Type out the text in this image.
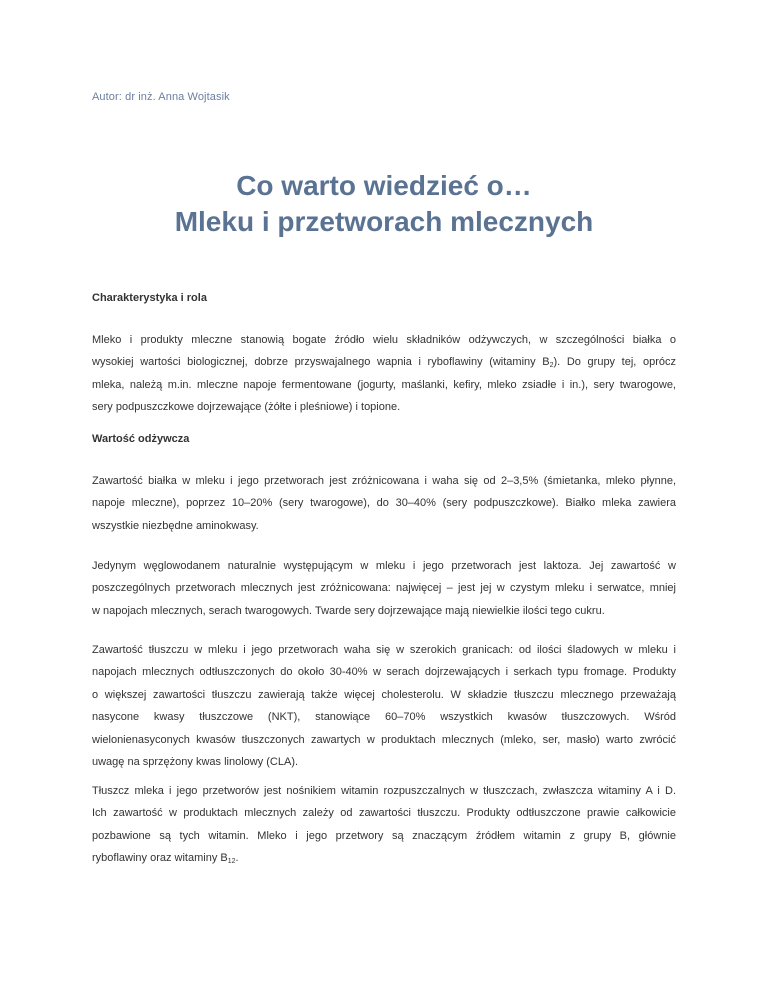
Autor: dr inż. Anna Wojtasik
Co warto wiedzieć o…
Mleku i przetworach mlecznych
Charakterystyka i rola
Mleko i produkty mleczne stanowią bogate źródło wielu składników odżywczych, w szczególności białka o
wysokiej wartości biologicznej, dobrze przyswajalnego wapnia i ryboflawiny (witaminy $B_2$). Do grupy tej, oprócz
mleka, należą m.in. mleczne napoje fermentowane (jogurty, maślanki, kefiry, mleko zsiadłe i in.), sery twarogowe,
sery podpuszczkowe dojrzewające (żółte i pleśniowe) i topione.
Wartość odżywcza
Zawartość białka w mleku i jego przetworach jest zróżnicowana i waha się od 2–3,5% (śmietanka, mleko płynne,
napoje mleczne), poprzez 10–20% (sery twarogowe), do 30–40% (sery podpuszczkowe). Białko mleka zawiera
wszystkie niezbędne aminokwasy.
Jedynym węglowodanem naturalnie występującym w mleku i jego przetworach jest laktoza. Jej zawartość w
poszczególnych przetworach mlecznych jest zróżnicowana: najwięcej – jest jej w czystym mleku i serwatce, mniej
w napojach mlecznych, serach twarogowych. Twarde sery dojrzewające mają niewielkie ilości tego cukru.
Zawartość tłuszczu w mleku i jego przetworach waha się w szerokich granicach: od ilości śladowych w mleku i
napojach mlecznych odtłuszczonych do około 30-40% w serach dojrzewających i serkach typu fromage. Produkty
o większej zawartości tłuszczu zawierają także więcej cholesterolu. W składzie tłuszczu mlecznego przeważają
nasycone kwasy tłuszczowe (NKT), stanowiące 60–70% wszystkich kwasów tłuszczowych. Wśród
wielonienasyconych kwasów tłuszczonych zawartych w produktach mlecznych (mleko, ser, masło) warto zwrócić
uwagę na sprzężony kwas linolowy (CLA).
Tłuszcz mleka i jego przetworów jest nośnikiem witamin rozpuszczalnych w tłuszczach, zwłaszcza witaminy A i D.
Ich zawartość w produktach mlecznych zależy od zawartości tłuszczu. Produkty odtłuszczone prawie całkowicie
pozbawione są tych witamin. Mleko i jego przetwory są znaczącym źródłem witamin z grupy B, głównie
ryboflawiny oraz witaminy $B_{12}$.
